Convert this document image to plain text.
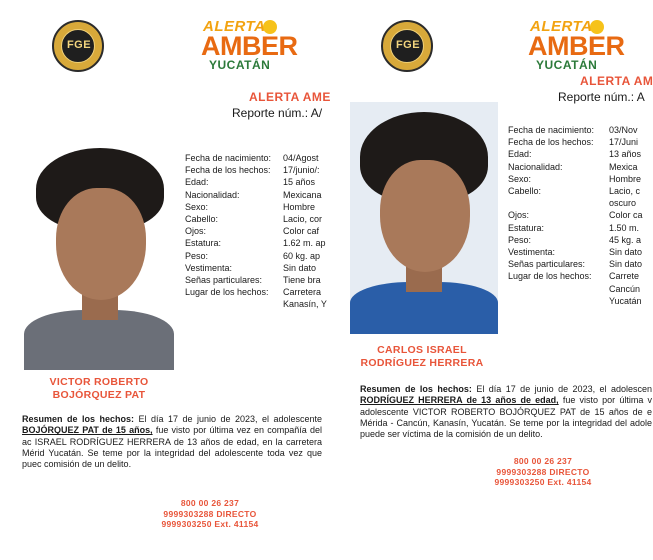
FGE
ALERTA
AMBER
YUCATÁN
ALERTA AME
Reporte núm.: A/
Fecha de nacimiento: 04/Agost
Fecha de los hechos: 17/junio/:
Edad:	15 años
Nacionalidad:	Mexicana
Sexo:	Hombre
Cabello:	Lacio, cor
Ojos:	Color caf
Estatura:	1.62 m. ap
Peso:	60 kg. ap
Vestimenta:	Sin dato
Señas particulares: Tiene bra
Lugar de los hechos: Carretera
Kanasín, Y
VICTOR ROBERTO
BOJÓRQUEZ PAT
Resumen de los hechos: El día 17 de junio de 2023, el adolescente BOJÓRQUEZ PAT de 15 años, fue visto por última vez en compañía del ac ISRAEL RODRÍGUEZ HERRERA de 13 años de edad, en la carretera Mérid Yucatán. Se teme por la integridad del adolescente toda vez que puec comisión de un delito.
800 00 26 237
9999303288 DIRECTO
9999303250 Ext. 41154
FGE
ALERTA
AMBER
YUCATÁN
ALERTA AM
Reporte núm.: A
Fecha de nacimiento: 03/Nov
Fecha de los hechos: 17/Juni
Edad:	13 años
Nacionalidad:	Mexica
Sexo:	Hombre
Cabello:	Lacio, c
oscuro
Ojos:	Color ca
Estatura:	1.50 m.
Peso:	45 kg. a
Vestimenta:	Sin dato
Señas particulares:	Sin dato
Lugar de los hechos: Carrete
Cancún
Yucatán
CARLOS ISRAEL
RODRÍGUEZ HERRERA
Resumen de los hechos: El día 17 de junio de 2023, el adolescen RODRÍGUEZ HERRERA de 13 años de edad, fue visto por última v adolescente VICTOR ROBERTO BOJÓRQUEZ PAT de 15 años de e Mérida - Cancún, Kanasín, Yucatán. Se teme por la integridad del adole puede ser víctima de la comisión de un delito.
800 00 26 237
9999303288 DIRECTO
9999303250 Ext. 41154
